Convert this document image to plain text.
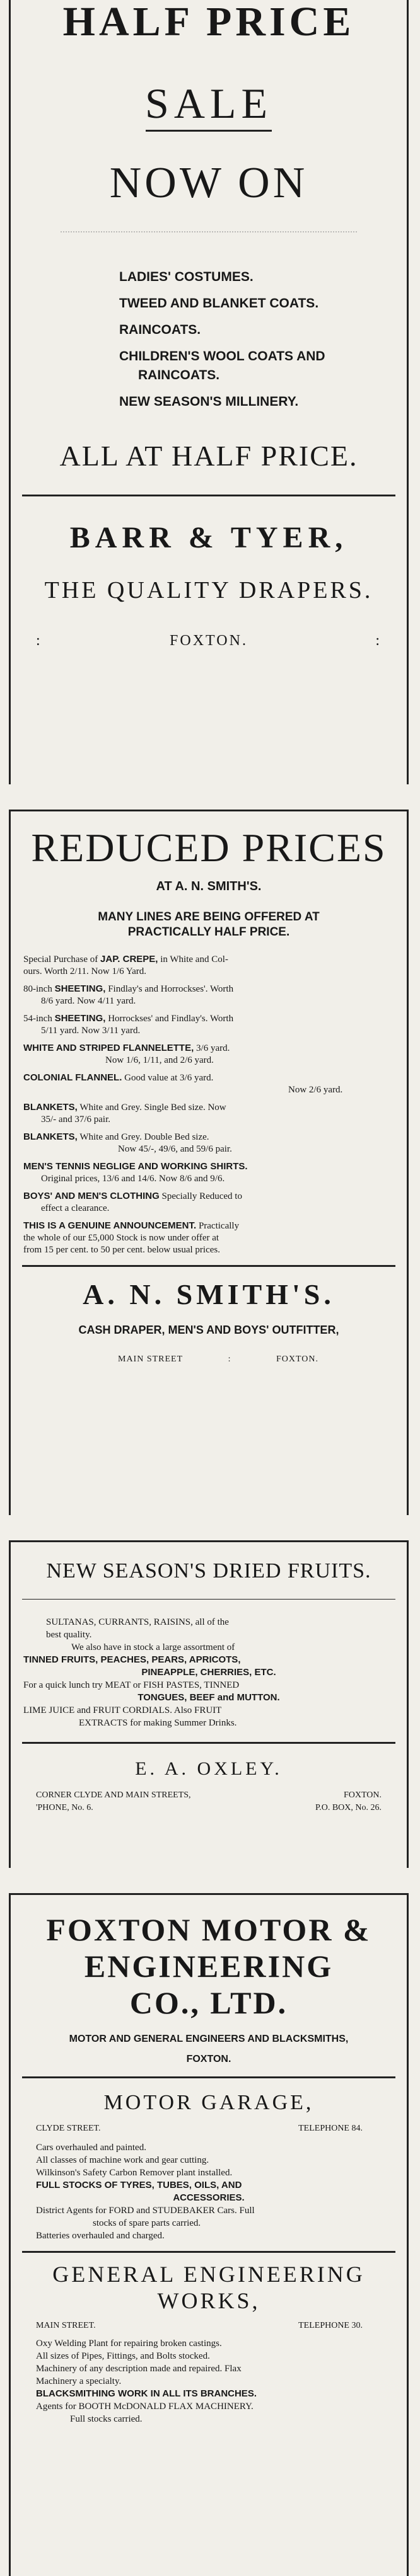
HALF PRICE
SALE
NOW ON
LADIES' COSTUMES.
TWEED AND BLANKET COATS.
RAINCOATS.
CHILDREN'S WOOL COATS AND
RAINCOATS.
NEW SEASON'S MILLINERY.
ALL AT HALF PRICE.
BARR & TYER,
THE QUALITY DRAPERS.
:	FOXTON.	:
REDUCED PRICES
AT A. N. SMITH'S.
MANY LINES ARE BEING OFFERED AT
PRACTICALLY HALF PRICE.

Special Purchase of JAP. CREPE, in White and Col-
ours. Worth 2/11. Now 1/6 Yard.

80-inch SHEETING, Findlay's and Horrockses'. Worth
8/6 yard. Now 4/11 yard.

54-inch SHEETING, Horrockses' and Findlay's. Worth
5/11 yard. Now 3/11 yard.

WHITE AND STRIPED FLANNELETTE, 3/6 yard.
Now 1/6, 1/11, and 2/6 yard.

COLONIAL FLANNEL. Good value at 3/6 yard.
Now 2/6 yard.

BLANKETS, White and Grey. Single Bed size. Now
35/- and 37/6 pair.

BLANKETS, White and Grey. Double Bed size.
Now 45/-, 49/6, and 59/6 pair.

MEN'S TENNIS NEGLIGE AND WORKING SHIRTS.
Original prices, 13/6 and 14/6. Now 8/6 and 9/6.

BOYS' AND MEN'S CLOTHING Specially Reduced to
effect a clearance.

THIS IS A GENUINE ANNOUNCEMENT. Practically
the whole of our £5,000 Stock is now under offer at
from 15 per cent. to 50 per cent. below usual prices.

A. N. SMITH'S.
CASH DRAPER, MEN'S AND BOYS' OUTFITTER,
MAIN STREET	:	FOXTON.
NEW SEASON'S DRIED FRUITS.
SULTANAS, CURRANTS, RAISINS, all of the
best quality.
We also have in stock a large assortment of
TINNED FRUITS, PEACHES, PEARS, APRICOTS,
PINEAPPLE, CHERRIES, ETC.
For a quick lunch try MEAT or FISH PASTES, TINNED
TONGUES, BEEF and MUTTON.
LIME JUICE and FRUIT CORDIALS. Also FRUIT
EXTRACTS for making Summer Drinks.
E. A. OXLEY.
CORNER CLYDE AND MAIN STREETS,	FOXTON.
'PHONE, No. 6.	P.O. BOX, No. 26.
FOXTON MOTOR &
ENGINEERING
CO., LTD.
MOTOR AND GENERAL ENGINEERS AND BLACKSMITHS,
FOXTON.
MOTOR GARAGE,
CLYDE STREET.	TELEPHONE 84.
Cars overhauled and painted.
All classes of machine work and gear cutting.
Wilkinson's Safety Carbon Remover plant installed.
FULL STOCKS OF TYRES, TUBES, OILS, AND
ACCESSORIES.
District Agents for FORD and STUDEBAKER Cars. Full
stocks of spare parts carried.
Batteries overhauled and charged.
GENERAL ENGINEERING
WORKS,
MAIN STREET.	TELEPHONE 30.
Oxy Welding Plant for repairing broken castings.
All sizes of Pipes, Fittings, and Bolts stocked.
Machinery of any description made and repaired. Flax
Machinery a specialty.
BLACKSMITHING WORK IN ALL ITS BRANCHES.
Agents for BOOTH McDONALD FLAX MACHINERY.
Full stocks carried.
